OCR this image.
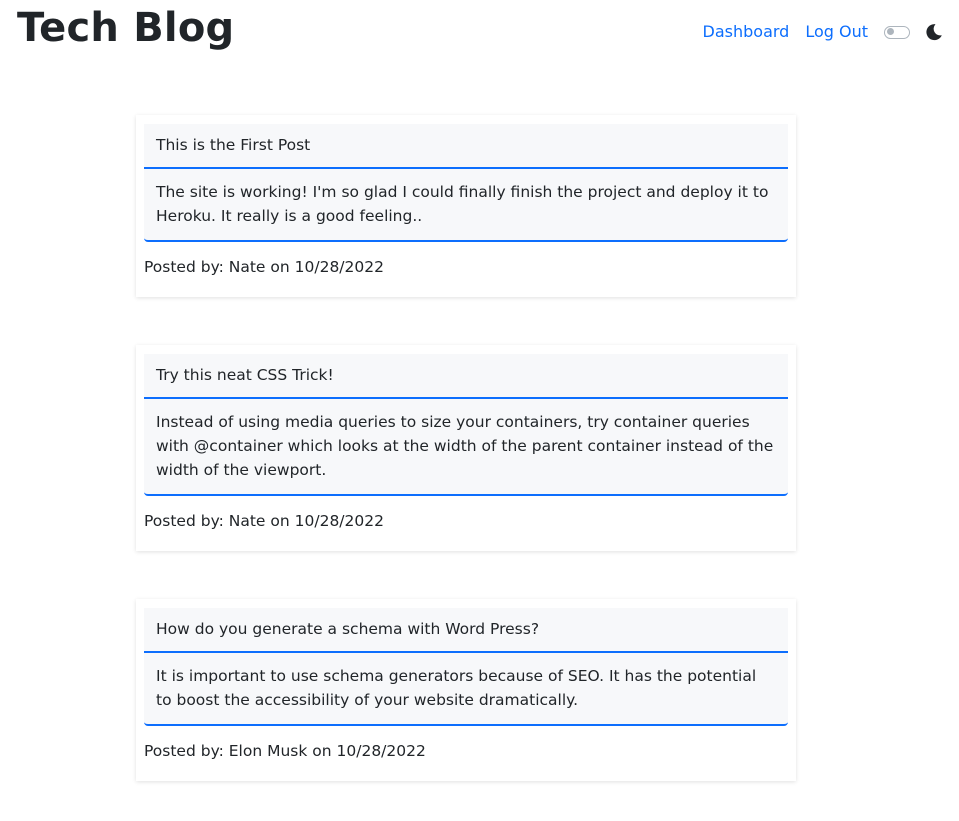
Tech Blog	Dashboard Log Out
This is the First Post
The site is working! I'm so glad I could finally finish the project and deploy it to Heroku. It really is a good feeling..
Posted by: Nate on 10/28/2022
Try this neat CSS Trick!
Instead of using media queries to size your containers, try container queries with @container which looks at the width of the parent container instead of the width of the viewport.
Posted by: Nate on 10/28/2022
How do you generate a schema with Word Press?
It is important to use schema generators because of SEO. It has the potential to boost the accessibility of your website dramatically.
Posted by: Elon Musk on 10/28/2022
